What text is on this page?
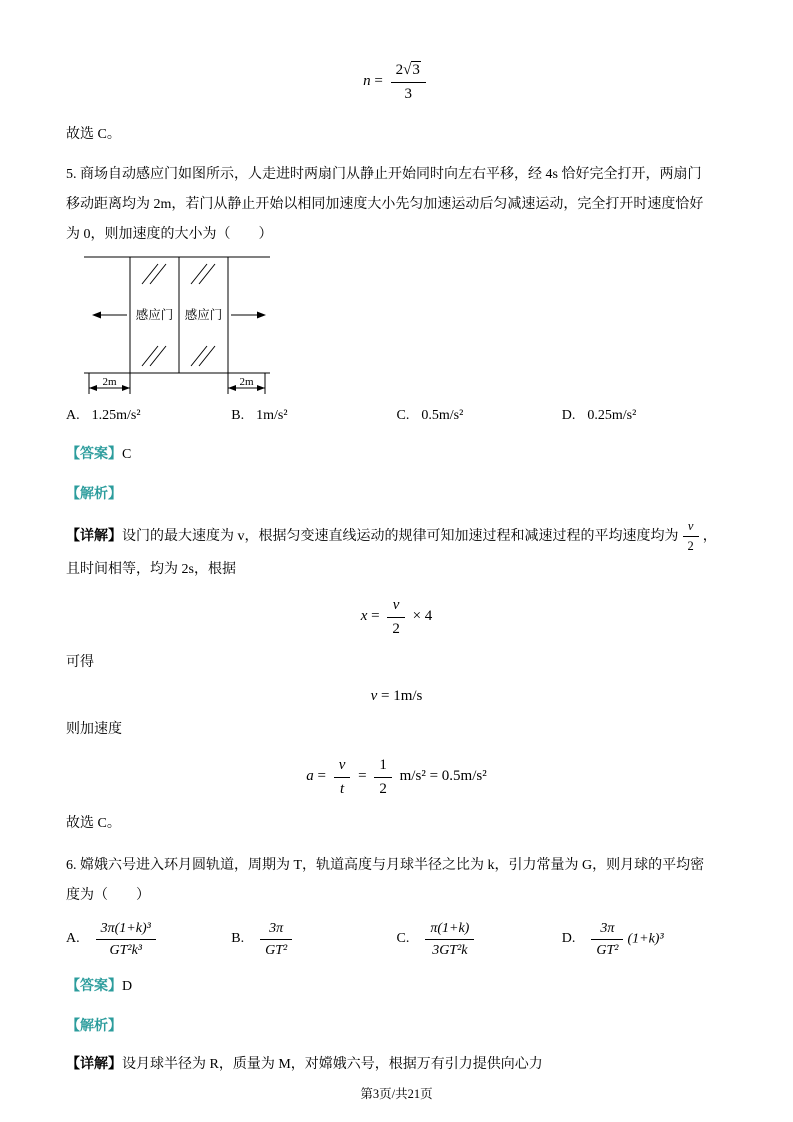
$n = \frac{2√3}{3}$
故选 C。
5. 商场自动感应门如图所示，人走进时两扇门从静止开始同时向左右平移，经 4s 恰好完全打开，两扇门
移动距离均为 2m，若门从静止开始以相同加速度大小先匀加速运动后匀减速运动，完全打开时速度恰好
为 0，则加速度的大小为（　　）
感应门 感应门
2m	2m
A. 1.25m/s²	B. 1m/s²	C. 0.5m/s²	D. 0.25m/s²
【答案】C
【解析】
【详解】设门的最大速度为 v，根据匀变速直线运动的规律可知加速过程和减速过程的平均速度均为 $\frac{v}{2}$ ，
且时间相等，均为 2s，根据
$x = \frac{v}{2} \times 4$
可得
v = 1m/s
则加速度
$a = \frac{v}{t} = \frac{1}{2} m/s^2 = 0.5m/s^2$
故选 C。
6. 嫦娥六号进入环月圆轨道，周期为 T，轨道高度与月球半径之比为 k，引力常量为 G，则月球的平均密
度为（　　）
A. $\frac{\text{3π(1+k)³}}{\text{GT²k³}}$	B. $\frac{3\pi}{\text{GT²}}$	C. $\frac{\pi(1+k)}{\text{3GT²k}}$	D. $\frac{3\pi}{\text{GT²}} (1+k)^3$
【答案】D
【解析】
【详解】设月球半径为 R，质量为 M，对嫦娥六号，根据万有引力提供向心力
第3页/共21页
